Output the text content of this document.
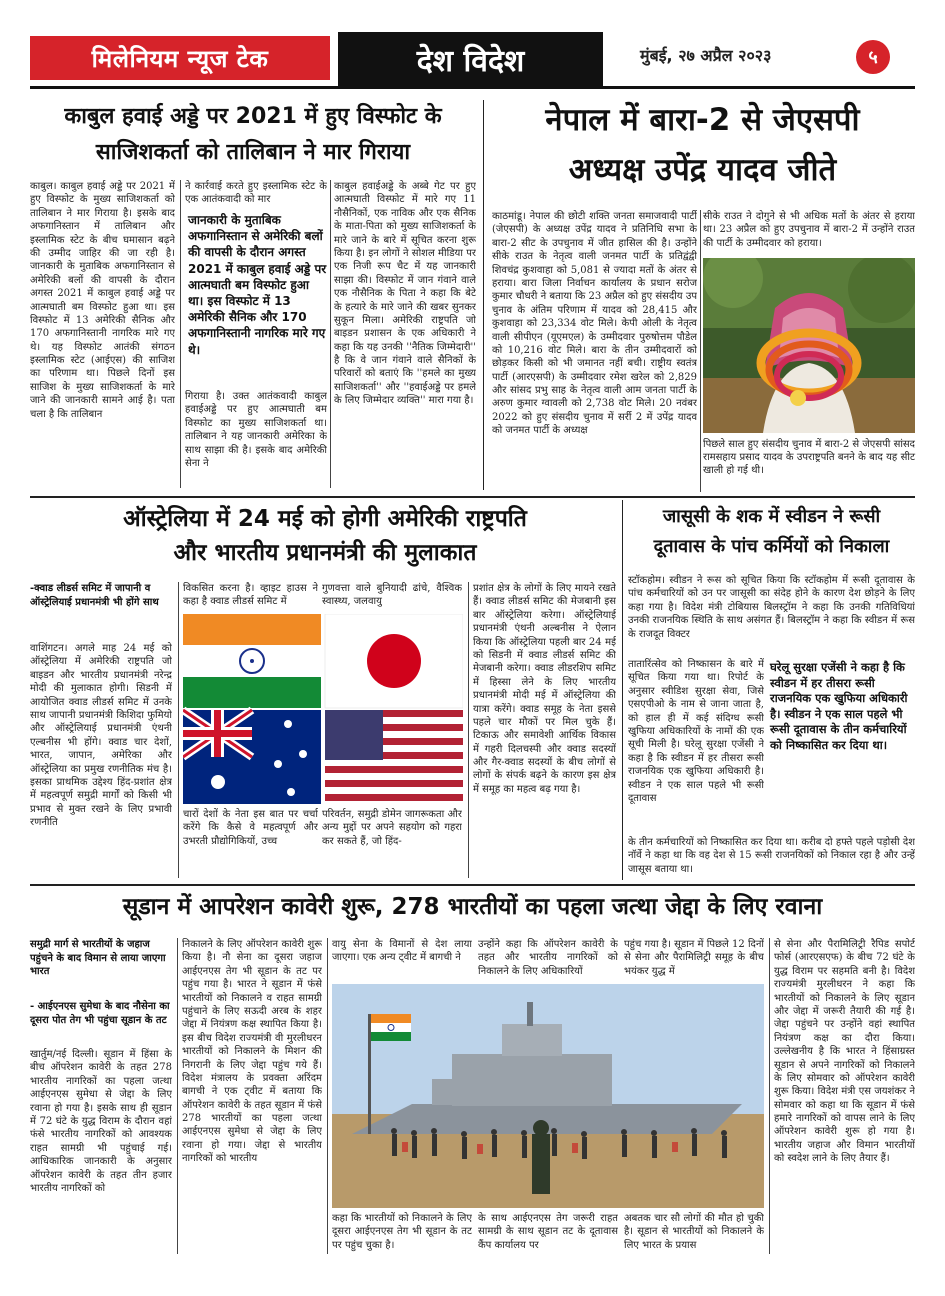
मिलेनियम न्यूज टेक	देश विदेश	मुंबई, २७ अप्रैल २०२३	५
काबुल हवाई अड्डे पर 2021 में हुए विस्फोट के
साजिशकर्ता को तालिबान ने मार गिराया
काबुल। काबुल हवाई अड्डे पर 2021 में हुए विस्फोट के मुख्य साजिशकर्ता को तालिबान ने मार गिराया है। इसके बाद अफगानिस्तान में तालिबान और इस्लामिक स्टेट के बीच घमासान बढ़ने की उम्मीद जाहिर की जा रही है। जानकारी के मुताबिक अफगानिस्तान से अमेरिकी बलों की वापसी के दौरान अगस्त 2021 में काबुल हवाई अड्डे पर आत्मघाती बम विस्फोट हुआ था। इस विस्फोट में 13 अमेरिकी सैनिक और 170 अफगानिस्तानी नागरिक मारे गए थे। यह विस्फोट आतंकी संगठन इस्लामिक स्टेट (आईएस) की साजिश का परिणाम था। पिछले दिनों इस साजिश के मुख्य साजिशकर्ता के मारे जाने की जानकारी सामने आई है। पता चला है कि तालिबान
ने कार्रवाई करते हुए इस्लामिक स्टेट के एक आतंकवादी को मार
जानकारी के मुताबिक अफगानिस्तान से अमेरिकी बलों की वापसी के दौरान अगस्त 2021 में काबुल हवाई अड्डे पर आत्मघाती बम विस्फोट हुआ था। इस विस्फोट में 13 अमेरिकी सैनिक और 170 अफगानिस्तानी नागरिक मारे गए थे।
गिराया है। उक्त आतंकवादी काबुल हवाईअड्डे पर हुए आत्मघाती बम विस्फोट का मुख्य साजिशकर्ता था। तालिबान ने यह जानकारी अमेरिका के साथ साझा की है। इसके बाद अमेरिकी सेना ने
काबुल हवाईअड्डे के अब्बे गेट पर हुए आत्मघाती विस्फोट में मारे गए 11 नौसैनिकों, एक नाविक और एक सैनिक के माता-पिता को मुख्य साजिशकर्ता के मारे जाने के बारे में सूचित करना शुरू किया है। इन लोगों ने सोशल मीडिया पर एक निजी रूप चैट में यह जानकारी साझा की। विस्फोट में जान गंवाने वाले एक नौसैनिक के पिता ने कहा कि बेटे के हत्यारे के मारे जाने की खबर सुनकर सुकून मिला। अमेरिकी राष्ट्रपति जो बाइडन प्रशासन के एक अधिकारी ने कहा कि यह उनकी ''नैतिक जिम्मेदारी'' है कि वे जान गंवाने वाले सैनिकों के परिवारों को बताएं कि ''हमले का मुख्य साजिशकर्ता'' और ''हवाईअड्डे पर हमले के लिए जिम्मेदार व्यक्ति'' मारा गया है।
नेपाल में बारा-2 से जेएसपी
अध्यक्ष उपेंद्र यादव जीते
काठमांडू। नेपाल की छोटी शक्ति जनता समाजवादी पार्टी (जेएसपी) के अध्यक्ष उपेंद्र यादव ने प्रतिनिधि सभा के बारा-2 सीट के उपचुनाव में जीत हासिल की है। उन्होंने सीके राउत के नेतृत्व वाली जनमत पार्टी के प्रतिद्वंद्वी शिवचंद्र कुशवाहा को 5,081 से ज्यादा मतों के अंतर से हराया। बारा जिला निर्वाचन कार्यालय के प्रधान सरोज कुमार चौधरी ने बताया कि 23 अप्रैल को हुए संसदीय उप चुनाव के अंतिम परिणाम में यादव को 28,415 और कुशवाहा को 23,334 वोट मिले। केपी ओली के नेतृत्व वाली सीपीएन (यूएमएल) के उम्मीदवार पुरुषोत्तम पौडेल को 10,216 वोट मिले। बारा के तीन उम्मीदवारों को छोड़कर किसी को भी जमानत नहीं बची। राष्ट्रीय स्वतंत्र पार्टी (आरएसपी) के उम्मीदवार रमेश खरेल को 2,829 और सांसद प्रभु साह के नेतृत्व वाली आम जनता पार्टी के अरुण कुमार ग्वावली को 2,738 वोट मिले। 20 नवंबर 2022 को हुए संसदीय चुनाव में सर्री 2 में उपेंद्र यादव को जनमत पार्टी के अध्यक्ष
सीके राउत ने दोगुने से भी अधिक मतों के अंतर से हराया था। 23 अप्रैल को हुए उपचुनाव में बारा-2 में उन्होंने राउत की पार्टी के उम्मीदवार को हराया।
पिछले साल हुए संसदीय चुनाव में बारा-2 से जेएसपी सांसद रामसहाय प्रसाद यादव के उपराष्ट्रपति बनने के बाद यह सीट खाली हो गई थी।
ऑस्ट्रेलिया में 24 मई को होगी अमेरिकी राष्ट्रपति
और भारतीय प्रधानमंत्री की मुलाकात
-क्वाड लीडर्स समिट में जापानी व ऑस्ट्रेलियाई प्रधानमंत्री भी होंगे साथ
वाशिंगटन। अगले माह 24 मई को ऑस्ट्रेलिया में अमेरिकी राष्ट्रपति जो बाइडन और भारतीय प्रधानमंत्री नरेन्द्र मोदी की मुलाकात होगी। सिडनी में आयोजित क्वाड लीडर्स समिट में उनके साथ जापानी प्रधानमंत्री किशिदा फुमियो और ऑस्ट्रेलियाई प्रधानमंत्री एंथनी एल्बनीस भी होंगे। क्वाड चार देशों, भारत, जापान, अमेरिका और ऑस्ट्रेलिया का प्रमुख रणनीतिक मंच है। इसका प्राथमिक उद्देश्य हिंद-प्रशांत क्षेत्र में महत्वपूर्ण समुद्री मार्गों को किसी भी प्रभाव से मुक्त रखने के लिए प्रभावी रणनीति
विकसित करना है। व्हाइट हाउस ने कहा है क्वाड लीडर्स समिट में
गुणवत्ता वाले बुनियादी ढांचे, वैश्विक स्वास्थ्य, जलवायु
चारों देशों के नेता इस बात पर चर्चा करेंगे कि कैसे वे महत्वपूर्ण और उभरती प्रौद्योगिकियों, उच्च
परिवर्तन, समुद्री डोमेन जागरूकता और अन्य मुद्दों पर अपने सहयोग को गहरा कर सकते हैं, जो हिंद-
प्रशांत क्षेत्र के लोगों के लिए मायने रखते हैं। क्वाड लीडर्स समिट की मेजबानी इस बार ऑस्ट्रेलिया करेगा। ऑस्ट्रेलियाई प्रधानमंत्री एंथनी अल्बनीस ने ऐलान किया कि ऑस्ट्रेलिया पहली बार 24 मई को सिडनी में क्वाड लीडर्स समिट की मेजबानी करेगा। क्वाड लीडरशिप समिट में हिस्सा लेने के लिए भारतीय प्रधानमंत्री मोदी मई में ऑस्ट्रेलिया की यात्रा करेंगे। क्वाड समूह के नेता इससे पहले चार मौकों पर मिल चुके हैं। टिकाऊ और समावेशी आर्थिक विकास में गहरी दिलचस्पी और क्वाड सदस्यों और गैर-क्वाड सदस्यों के बीच लोगों से लोगों के संपर्क बढ़ने के कारण इस क्षेत्र में समूह का महत्व बढ़ गया है।
जासूसी के शक में स्वीडन ने रूसी
दूतावास के पांच कर्मियों को निकाला
स्टॉकहोम। स्वीडन ने रूस को सूचित किया कि स्टॉकहोम में रूसी दूतावास के पांच कर्मचारियों को उन पर जासूसी का संदेह होने के कारण देश छोड़ने के लिए कहा गया है। विदेश मंत्री टोबियास बिलस्ट्रॉम ने कहा कि उनकी गतिविधियां उनकी राजनयिक स्थिति के साथ असंगत हैं। बिलस्ट्रॉम ने कहा कि स्वीडन में रूस के राजदूत विक्टर
तातारिंत्सेव को निष्कासन के बारे में सूचित किया गया था। रिपोर्ट के अनुसार स्वीडिश सुरक्षा सेवा, जिसे एसएपीओ के नाम से जाना जाता है, को हाल ही में कई संदिग्ध रूसी खुफिया अधिकारियों के नामों की एक सूची मिली है। घरेलू सुरक्षा एजेंसी ने कहा है कि स्वीडन में हर तीसरा रूसी राजनयिक एक खुफिया अधिकारी है। स्वीडन ने एक साल पहले भी रूसी दूतावास
घरेलू सुरक्षा एजेंसी ने कहा है कि स्वीडन में हर तीसरा रूसी राजनयिक एक खुफिया अधिकारी है। स्वीडन ने एक साल पहले भी रूसी दूतावास के तीन कर्मचारियों को निष्कासित कर दिया था।
के तीन कर्मचारियों को निष्कासित कर दिया था। करीब दो हफ्ते पहले पड़ोसी देश नॉर्वे ने कहा था कि वह देश से 15 रूसी राजनयिकों को निकाल रहा है और उन्हें जासूस बताया था।
सूडान में आपरेशन कावेरी शुरू, 278 भारतीयों का पहला जत्था जेद्दा के लिए रवाना
समुद्री मार्ग से भारतीयों के जहाज पहुंचने के बाद विमान से लाया जाएगा भारत
- आईएनएस सुमेधा के बाद नौसेना का दूसरा पोत तेग भी पहुंचा सूडान के तट
खार्तुम/नई दिल्ली। सूडान में हिंसा के बीच ऑपरेशन कावेरी के तहत 278 भारतीय नागरिकों का पहला जत्था आईएनएस सुमेधा से जेद्दा के लिए रवाना हो गया है। इसके साथ ही सूडान में 72 घंटे के युद्ध विराम के दौरान वहां फंसे भारतीय नागरिकों को आवश्यक राहत सामग्री भी पहुंचाई गई। आधिकारिक जानकारी के अनुसार ऑपरेशन कावेरी के तहत तीन हजार भारतीय नागरिकों को
निकालने के लिए ऑपरेशन कावेरी शुरू किया है। नौ सेना का दूसरा जहाज आईएनएस तेग भी सूडान के तट पर पहुंच गया है। भारत ने सूडान में फंसे भारतीयों को निकालने व राहत सामग्री पहुंचाने के लिए सऊदी अरब के शहर जेद्दा में नियंत्रण कक्ष स्थापित किया है। इस बीच विदेश राज्यमंत्री वी मुरलीधरन भारतीयों को निकालने के मिशन की निगरानी के लिए जेद्दा पहुंच गये हैं। विदेश मंत्रालय के प्रवक्ता अरिंदम बागची ने एक ट्वीट में बताया कि ऑपरेशन कावेरी के तहत सूडान में फंसे 278 भारतीयों का पहला जत्था आईएनएस सुमेधा से जेद्दा के लिए रवाना हो गया। जेद्दा से भारतीय नागरिकों को भारतीय
वायु सेना के विमानों से देश लाया जाएगा। एक अन्य ट्वीट में बागची ने
उन्होंने कहा कि ऑपरेशन कावेरी के तहत और भारतीय नागरिकों को निकालने के लिए अधिकारियों
पहुंच गया है। सूडान में पिछले 12 दिनों से सेना और पैरामिलिट्री समूह के बीच भयंकर युद्ध में
कहा कि भारतीयों को निकालने के लिए दूसरा आईएनएस तेग भी सूडान के तट पर पहुंच चुका है।
के साथ आईएनएस तेग जरूरी राहत सामग्री के साथ सूडान तट के दूतावास कैंप कार्यालय पर
अबतक चार सौ लोगों की मौत हो चुकी है। सूडान से भारतीयों को निकालने के लिए भारत के प्रयास
से सेना और पैरामिलिट्री रैपिड सपोर्ट फोर्स (आरएसएफ) के बीच 72 घंटे के युद्ध विराम पर सहमति बनी है। विदेश राज्यमंत्री मुरलीधरन ने कहा कि भारतीयों को निकालने के लिए सूडान और जेद्दा में जरूरी तैयारी की गई है। जेद्दा पहुंचने पर उन्होंने वहां स्थापित नियंत्रण कक्ष का दौरा किया। उल्लेखनीय है कि भारत ने हिंसाग्रस्त सूडान से अपने नागरिकों को निकालने के लिए सोमवार को ऑपरेशन कावेरी शुरू किया। विदेश मंत्री एस जयशंकर ने सोमवार को कहा था कि सूडान में फंसे हमारे नागरिकों को वापस लाने के लिए ऑपरेशन कावेरी शुरू हो गया है। भारतीय जहाज और विमान भारतीयों को स्वदेश लाने के लिए तैयार हैं।
